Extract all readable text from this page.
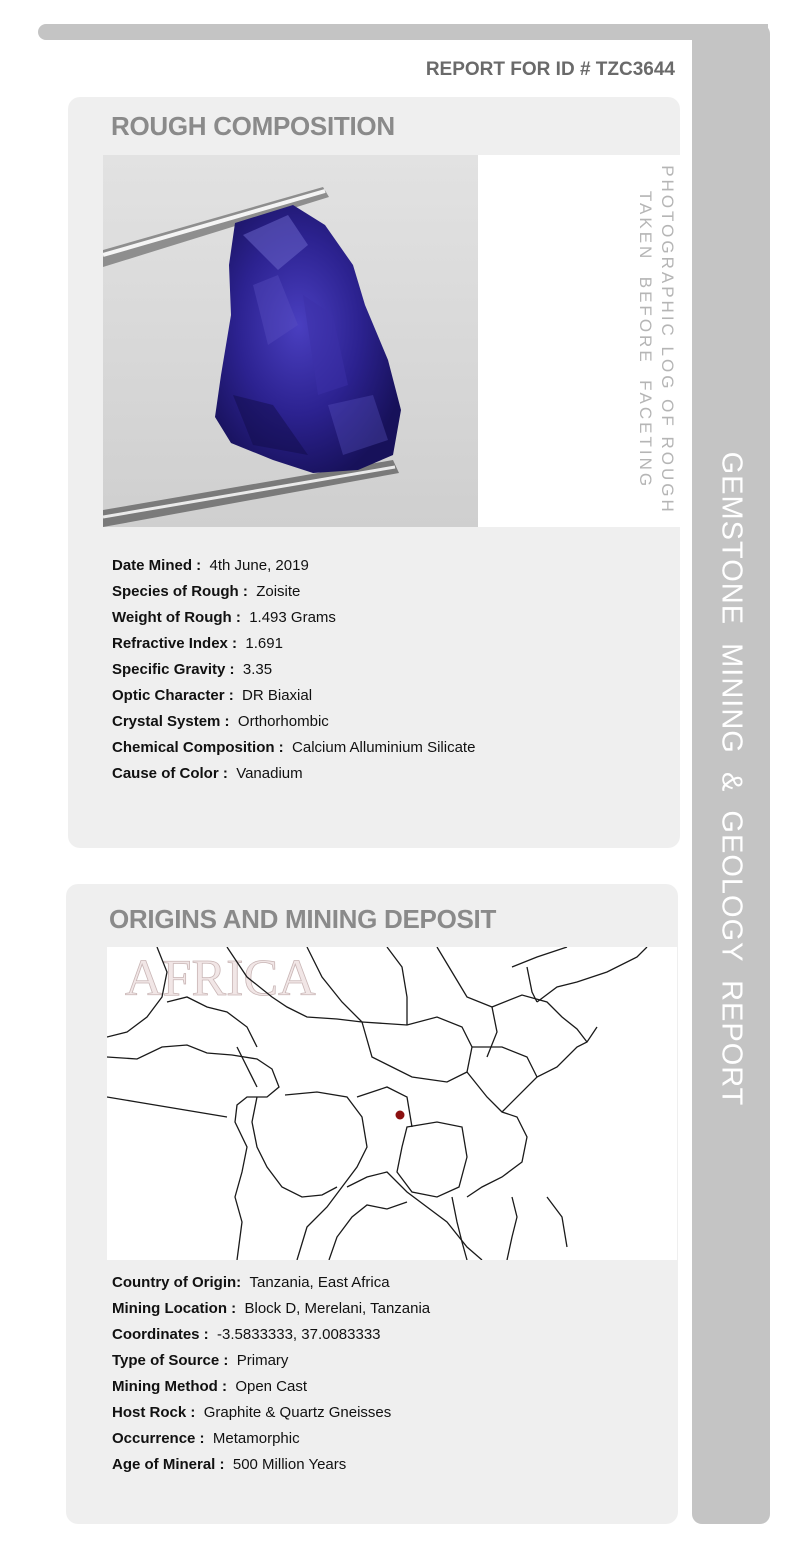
GEMSTONE  MINING  &  GEOLOGY  REPORT
REPORT FOR ID # TZC3644
ROUGH COMPOSITION
PHOTOGRAPHIC LOG OF ROUGH
TAKEN  BEFORE  FACETING
Date Mined : 4th June, 2019
Species of Rough : Zoisite
Weight of Rough : 1.493 Grams
Refractive Index : 1.691
Specific Gravity : 3.35
Optic Character : DR Biaxial
Crystal System : Orthorhombic
Chemical Composition : Calcium Alluminium Silicate
Cause of Color : Vanadium
ORIGINS AND MINING DEPOSIT
AFRICA
Country of Origin: Tanzania, East Africa
Mining Location : Block D, Merelani, Tanzania
Coordinates : -3.5833333, 37.0083333
Type of Source : Primary
Mining Method : Open Cast
Host Rock : Graphite & Quartz Gneisses
Occurrence : Metamorphic
Age of Mineral : 500 Million Years
